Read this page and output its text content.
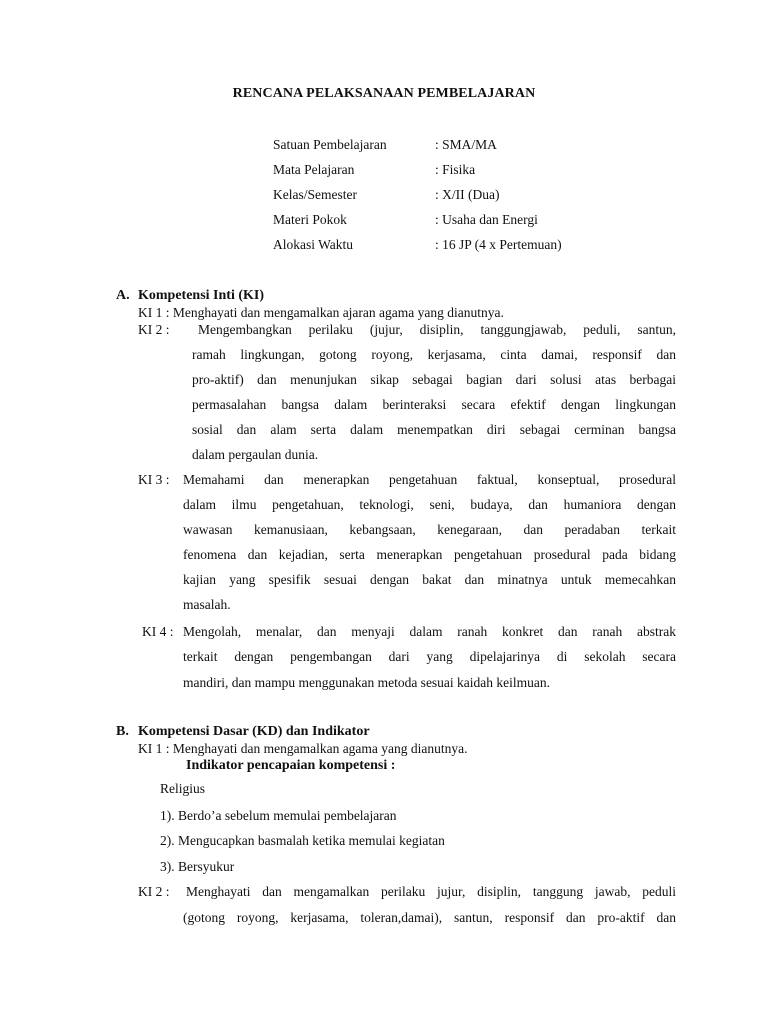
RENCANA PELAKSANAAN PEMBELAJARAN
Satuan Pembelajaran	: SMA/MA
Mata Pelajaran	: Fisika
Kelas/Semester	: X/II (Dua)
Materi Pokok	: Usaha dan Energi
Alokasi Waktu	: 16 JP (4 x Pertemuan)
A. Kompetensi Inti (KI)
KI 1 : Menghayati dan mengamalkan ajaran agama yang dianutnya.
KI 2 : Mengembangkan perilaku (jujur, disiplin, tanggungjawab, peduli, santun,
ramah lingkungan, gotong royong, kerjasama, cinta damai, responsif dan
pro-aktif) dan menunjukan sikap sebagai bagian dari solusi atas berbagai
permasalahan bangsa dalam berinteraksi secara efektif dengan lingkungan
sosial dan alam serta dalam menempatkan diri sebagai cerminan bangsa
dalam pergaulan dunia.
KI 3 : Memahami dan menerapkan pengetahuan faktual, konseptual, prosedural
dalam ilmu pengetahuan, teknologi, seni, budaya, dan humaniora dengan
wawasan kemanusiaan, kebangsaan, kenegaraan, dan peradaban terkait
fenomena dan kejadian, serta menerapkan pengetahuan prosedural pada bidang
kajian yang spesifik sesuai dengan bakat dan minatnya untuk memecahkan
masalah.
KI 4 : Mengolah, menalar, dan menyaji dalam ranah konkret dan ranah abstrak
terkait dengan pengembangan dari yang dipelajarinya di sekolah secara
mandiri, dan mampu menggunakan metoda sesuai kaidah keilmuan.
B. Kompetensi Dasar (KD) dan Indikator
KI 1 : Menghayati dan mengamalkan agama yang dianutnya.
Indikator pencapaian kompetensi :
Religius
1). Berdo’a sebelum memulai pembelajaran
2). Mengucapkan basmalah ketika memulai kegiatan
3). Bersyukur
KI 2 : Menghayati dan mengamalkan perilaku jujur, disiplin, tanggung jawab, peduli
(gotong royong, kerjasama, toleran,damai), santun, responsif dan pro-aktif dan
